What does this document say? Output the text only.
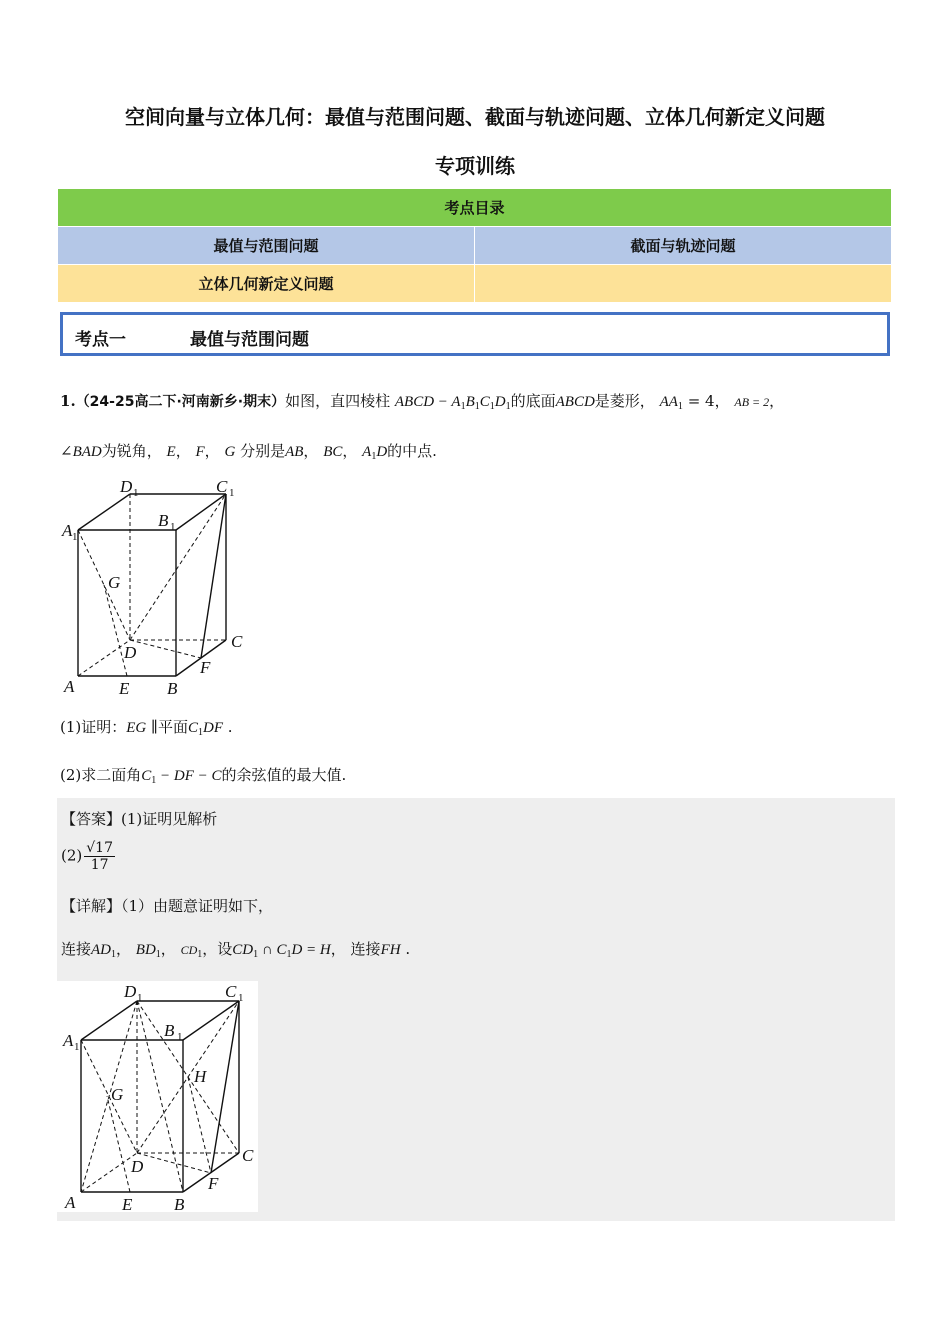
空间向量与立体几何：最值与范围问题、截面与轨迹问题、立体几何新定义问题
专项训练
考点目录	
最值与范围问题	截面与轨迹问题
立体几何新定义问题	
考点一	最值与范围问题
1.（24-25高二下·河南新乡·期末）如图，直四棱柱 ABCD − $A_1B_1C_1D_1$的底面ABCD是菱形， $AA_1 = 4$， AB = 2，
∠BAD为锐角， E， F， G 分别是AB， BC， $A_1D$的中点.
A 1
B 1
D 1	C 1
G
D
C
F
A	E B
(1)证明：EG ∥平面$C_1DF$ .
(2)求二面角$C_1$ − DF − C的余弦值的最大值.
【答案】(1)证明见解析
$(2) \frac{√17}{17}$
【详解】（1）由题意证明如下，
连接$AD_1$， $BD_1$， $CD_1$，设$CD_1$ ∩ $C_1D = H$， 连接FH .
A 1
B 1
D 1	C 1
G
H
D
C
F
A	E B
